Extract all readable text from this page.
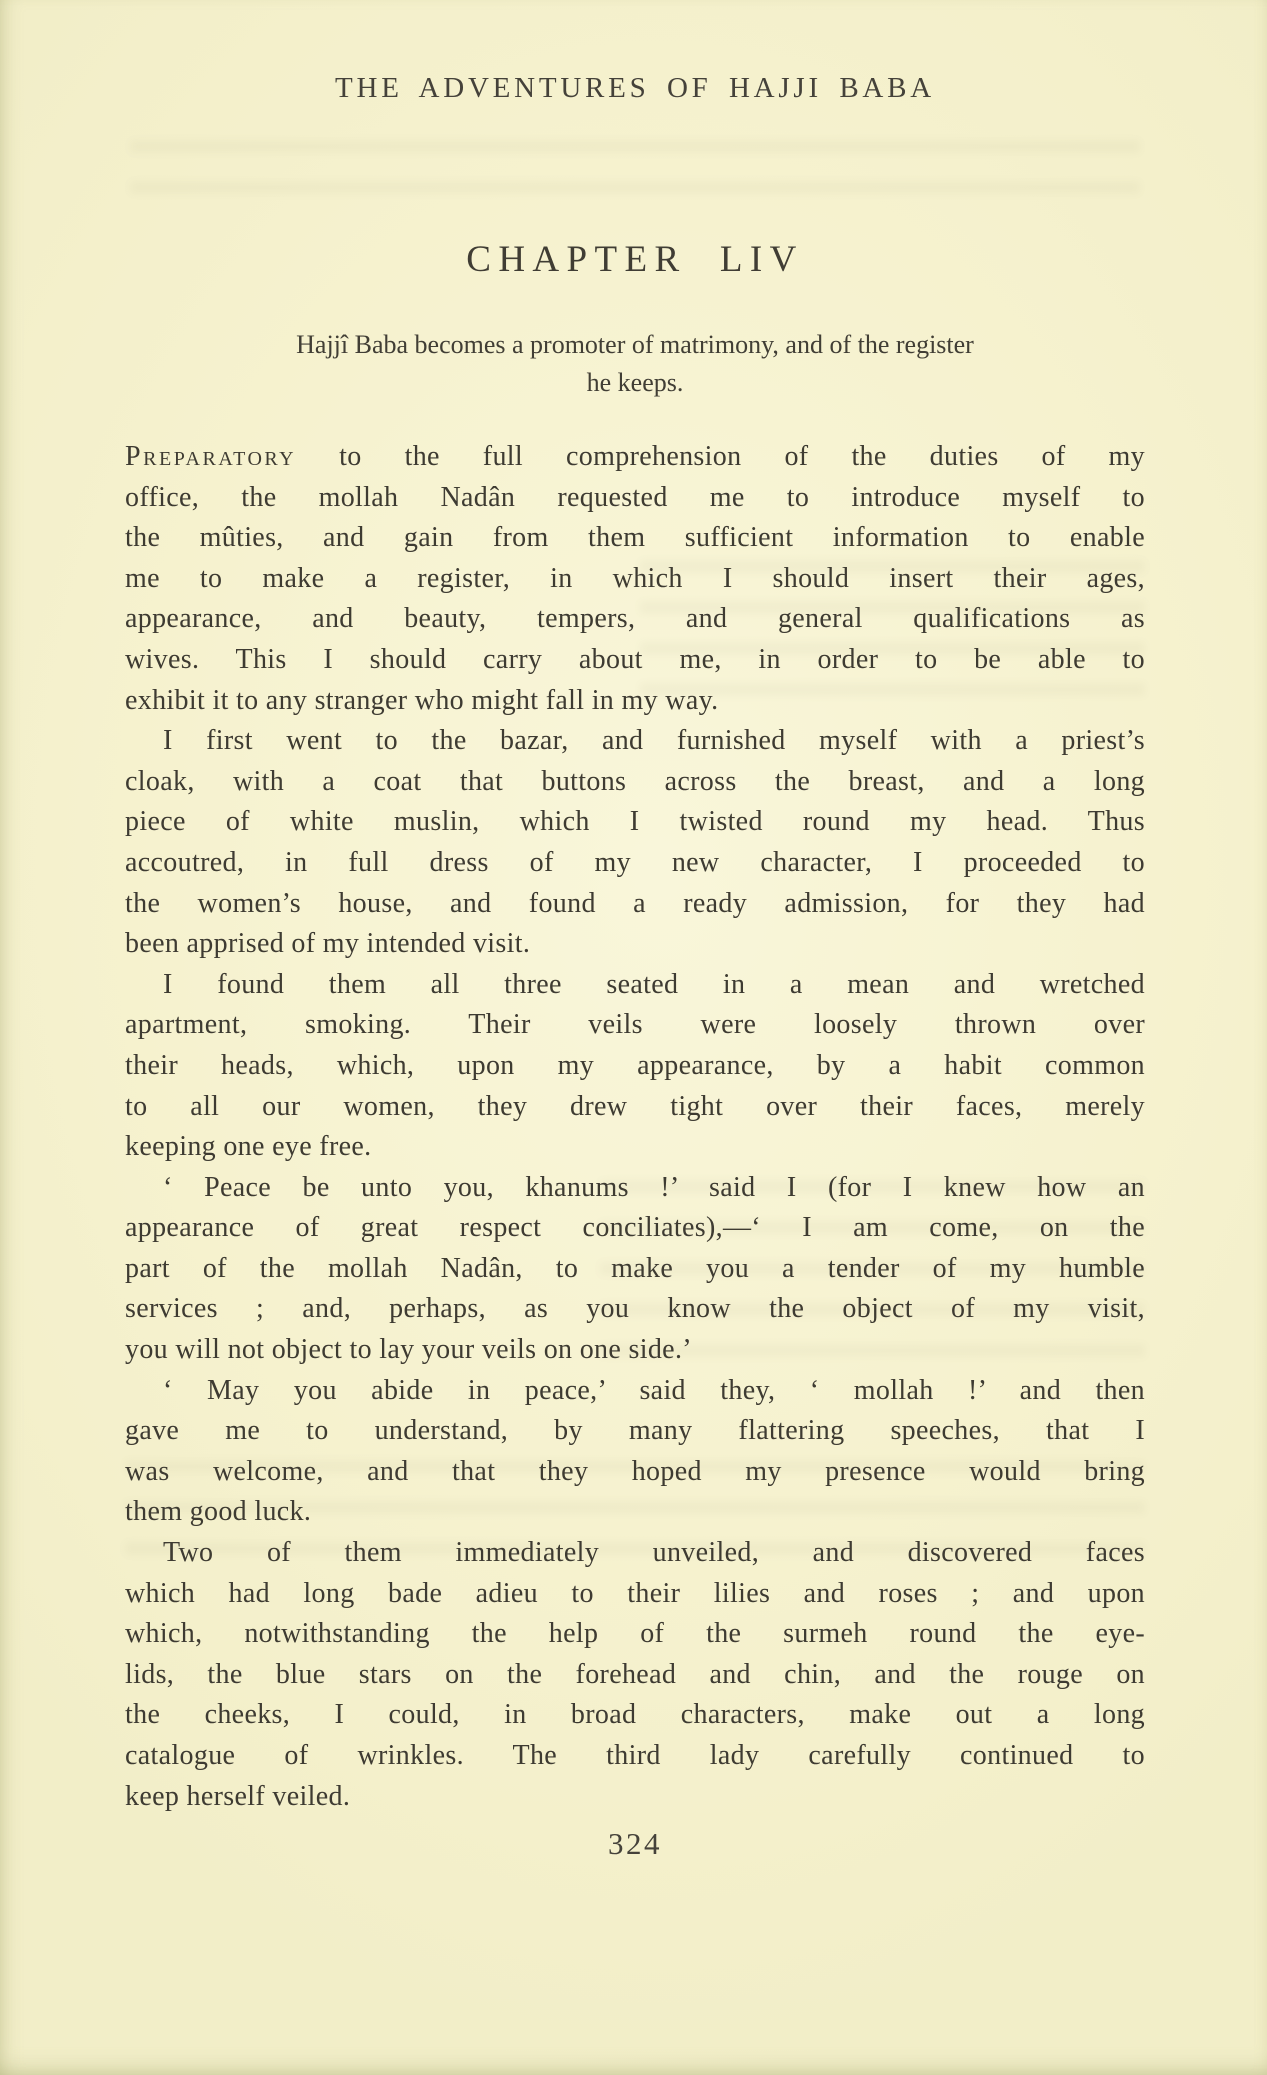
THE ADVENTURES OF HAJJI BABA
CHAPTER LIV
Hajjî Baba becomes a promoter of matrimony, and of the register
he keeps.
Preparatory to the full comprehension of the duties of my
office, the mollah Nadân requested me to introduce myself to
the mûties, and gain from them sufficient information to enable
me to make a register, in which I should insert their ages,
appearance, and beauty, tempers, and general qualifications as
wives. This I should carry about me, in order to be able to
exhibit it to any stranger who might fall in my way.
I first went to the bazar, and furnished myself with a priest’s
cloak, with a coat that buttons across the breast, and a long
piece of white muslin, which I twisted round my head. Thus
accoutred, in full dress of my new character, I proceeded to
the women’s house, and found a ready admission, for they had
been apprised of my intended visit.
I found them all three seated in a mean and wretched
apartment, smoking. Their veils were loosely thrown over
their heads, which, upon my appearance, by a habit common
to all our women, they drew tight over their faces, merely
keeping one eye free.
‘ Peace be unto you, khanums !’ said I (for I knew how an
appearance of great respect conciliates),—‘ I am come, on the
part of the mollah Nadân, to make you a tender of my humble
services ; and, perhaps, as you know the object of my visit,
you will not object to lay your veils on one side.’
‘ May you abide in peace,’ said they, ‘ mollah !’ and then
gave me to understand, by many flattering speeches, that I
was welcome, and that they hoped my presence would bring
them good luck.
Two of them immediately unveiled, and discovered faces
which had long bade adieu to their lilies and roses ; and upon
which, notwithstanding the help of the surmeh round the eye-
lids, the blue stars on the forehead and chin, and the rouge on
the cheeks, I could, in broad characters, make out a long
catalogue of wrinkles. The third lady carefully continued to
keep herself veiled.
324
